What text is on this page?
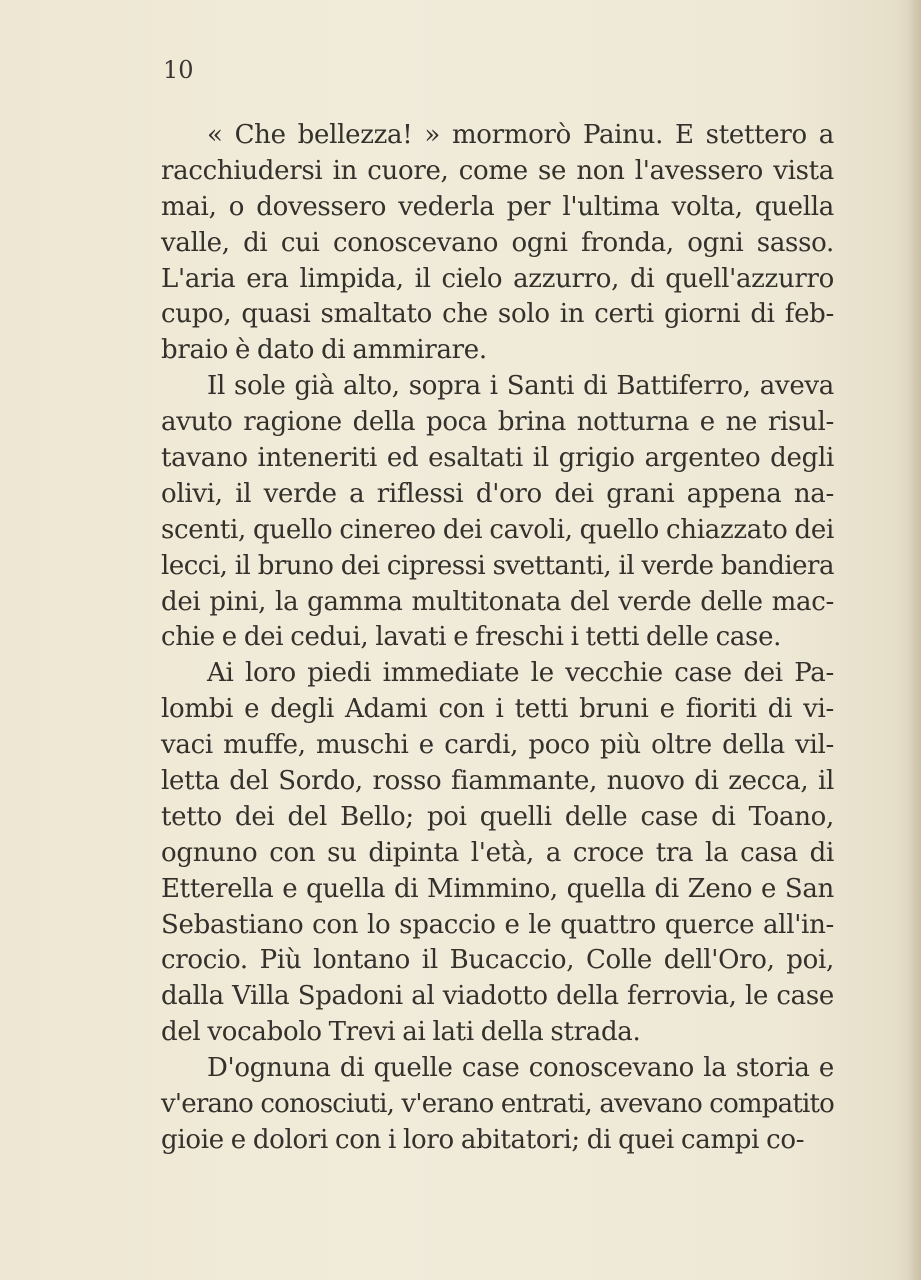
10
« Che bellezza! » mormorò Painu. E stettero a
racchiudersi in cuore, come se non l'avessero vista
mai, o dovessero vederla per l'ultima volta, quella
valle, di cui conoscevano ogni fronda, ogni sasso.
L'aria era limpida, il cielo azzurro, di quell'azzurro
cupo, quasi smaltato che solo in certi giorni di feb-
braio è dato di ammirare.
Il sole già alto, sopra i Santi di Battiferro, aveva
avuto ragione della poca brina notturna e ne risul-
tavano inteneriti ed esaltati il grigio argenteo degli
olivi, il verde a riflessi d'oro dei grani appena na-
scenti, quello cinereo dei cavoli, quello chiazzato dei
lecci, il bruno dei cipressi svettanti, il verde bandiera
dei pini, la gamma multitonata del verde delle mac-
chie e dei cedui, lavati e freschi i tetti delle case.
Ai loro piedi immediate le vecchie case dei Pa-
lombi e degli Adami con i tetti bruni e fioriti di vi-
vaci muffe, muschi e cardi, poco più oltre della vil-
letta del Sordo, rosso fiammante, nuovo di zecca, il
tetto dei del Bello; poi quelli delle case di Toano,
ognuno con su dipinta l'età, a croce tra la casa di
Etterella e quella di Mimmino, quella di Zeno e San
Sebastiano con lo spaccio e le quattro querce all'in-
crocio. Più lontano il Bucaccio, Colle dell'Oro, poi,
dalla Villa Spadoni al viadotto della ferrovia, le case
del vocabolo Trevi ai lati della strada.
D'ognuna di quelle case conoscevano la storia e
v'erano conosciuti, v'erano entrati, avevano compatito
gioie e dolori con i loro abitatori; di quei campi co-
